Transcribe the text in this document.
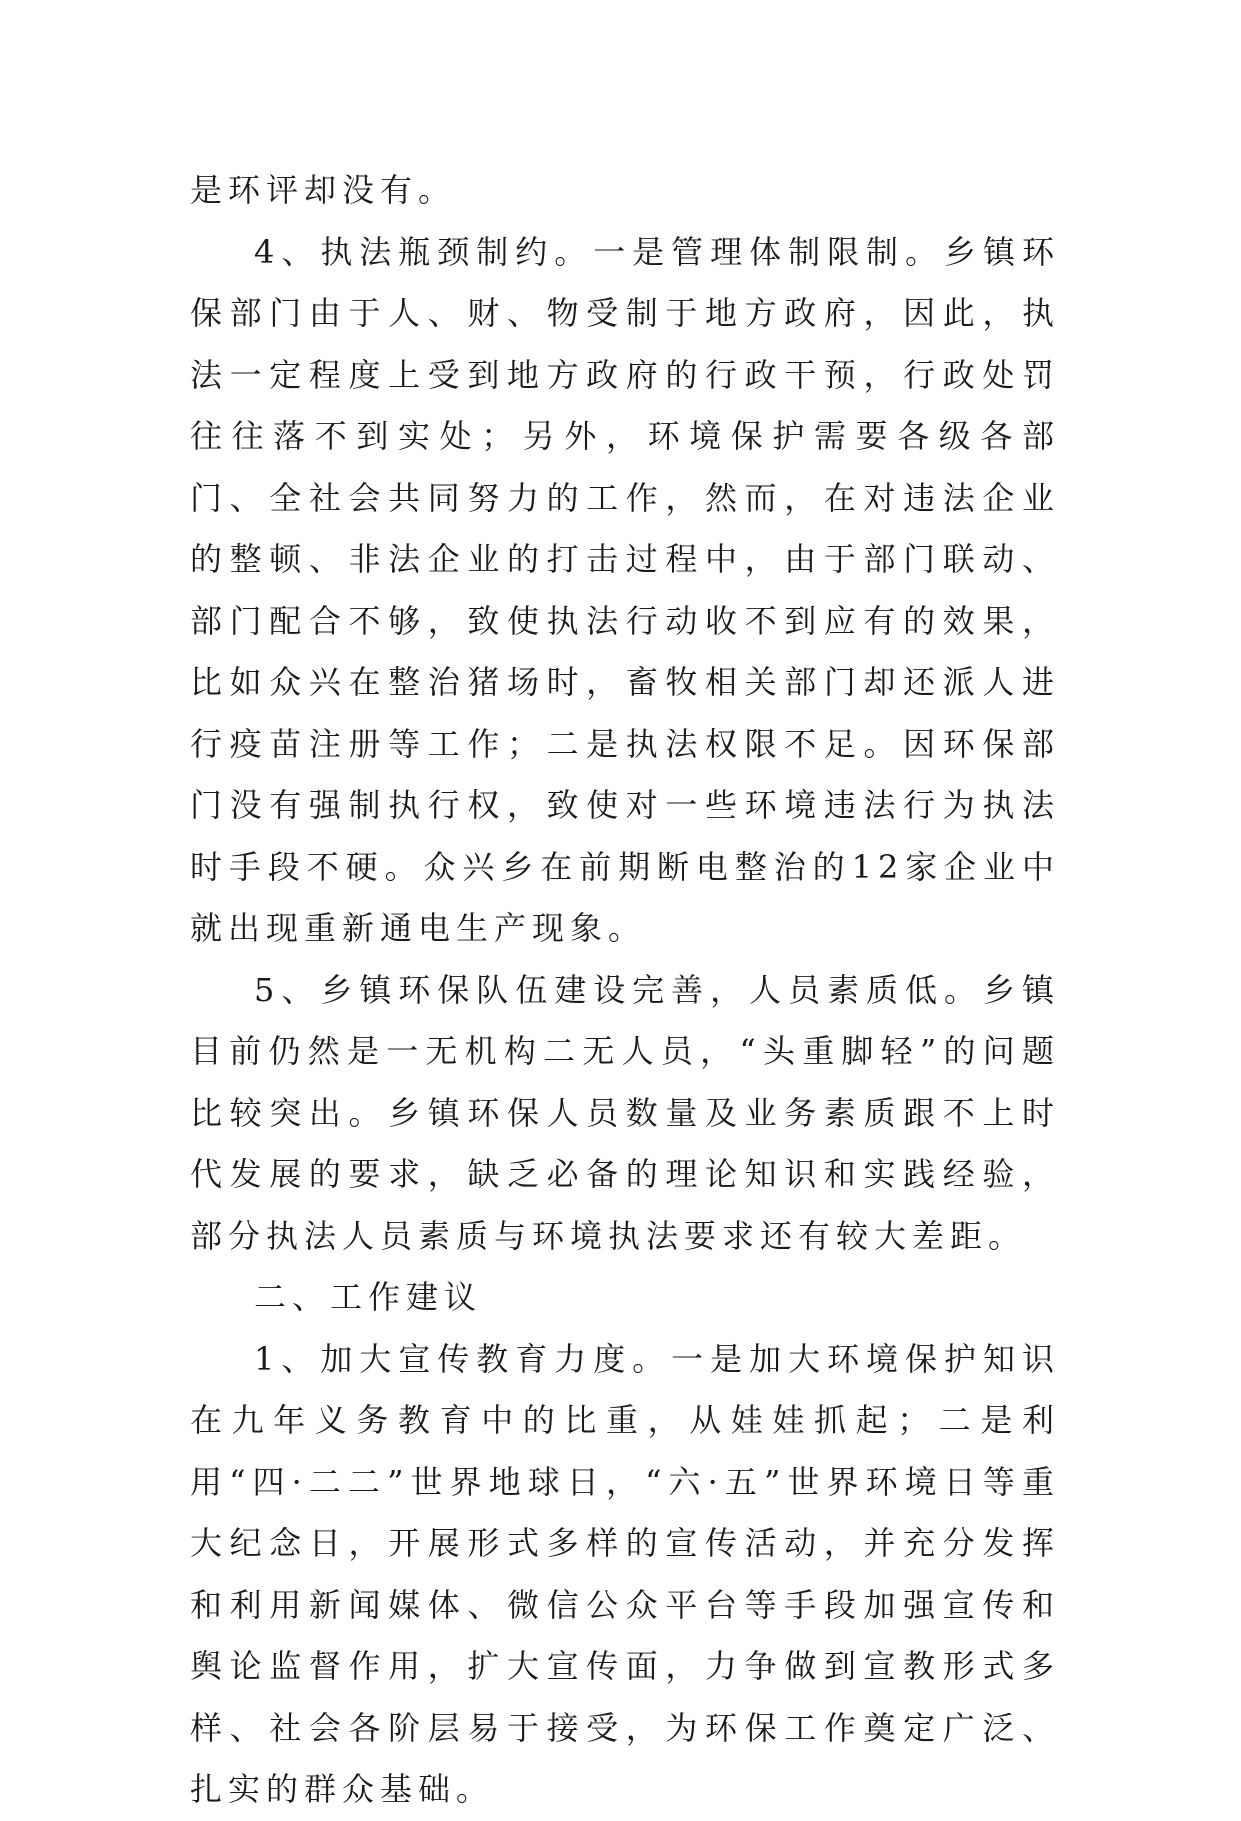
是环评却没有。

4、执法瓶颈制约。一是管理体制限制。乡镇环保部门由于人、财、物受制于地方政府，因此，执法一定程度上受到地方政府的行政干预，行政处罚往往落不到实处；另外，环境保护需要各级各部门、全社会共同努力的工作，然而，在对违法企业的整顿、非法企业的打击过程中，由于部门联动、部门配合不够，致使执法行动收不到应有的效果，比如众兴在整治猪场时，畜牧相关部门却还派人进行疫苗注册等工作；二是执法权限不足。因环保部门没有强制执行权，致使对一些环境违法行为执法时手段不硬。众兴乡在前期断电整治的12家企业中就出现重新通电生产现象。

5、乡镇环保队伍建设完善，人员素质低。乡镇目前仍然是一无机构二无人员，“头重脚轻”的问题比较突出。乡镇环保人员数量及业务素质跟不上时代发展的要求，缺乏必备的理论知识和实践经验，部分执法人员素质与环境执法要求还有较大差距。

二、工作建议

1、加大宣传教育力度。一是加大环境保护知识在九年义务教育中的比重，从娃娃抓起；二是利用“四·二二”世界地球日，“六·五”世界环境日等重大纪念日，开展形式多样的宣传活动，并充分发挥和利用新闻媒体、微信公众平台等手段加强宣传和舆论监督作用，扩大宣传面，力争做到宣教形式多样、社会各阶层易于接受，为环保工作奠定广泛、扎实的群众基础。
